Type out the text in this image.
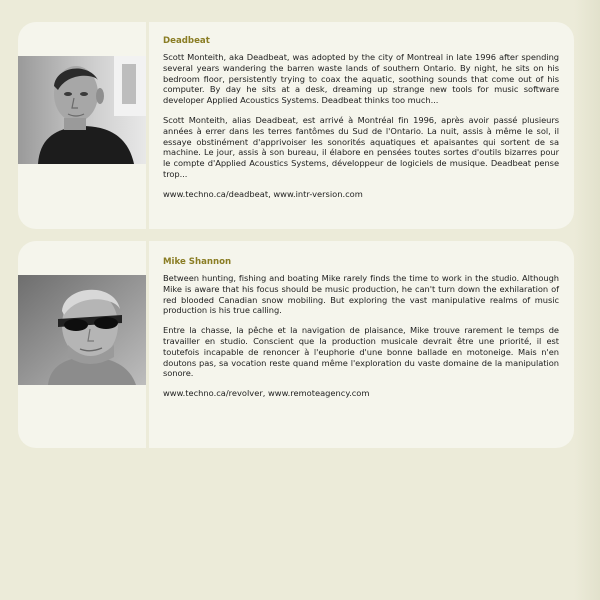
Deadbeat

Scott Monteith, aka Deadbeat, was adopted by the city of Montreal in late 1996 after spending several years wandering the barren waste lands of southern Ontario. By night, he sits on his bedroom floor, persistently trying to coax the aquatic, soothing sounds that come out of his computer. By day he sits at a desk, dreaming up strange new tools for music software developer Applied Acoustics Systems. Deadbeat thinks too much...

Scott Monteith, alias Deadbeat, est arrivé à Montréal fin 1996, après avoir passé plusieurs années à errer dans les terres fantômes du Sud de l'Ontario. La nuit, assis à même le sol, il essaye obstinément d'apprivoiser les sonorités aquatiques et apaisantes qui sortent de sa machine. Le jour, assis à son bureau, il élabore en pensées toutes sortes d'outils bizarres pour le compte d'Applied Acoustics Systems, développeur de logiciels de musique. Deadbeat pense trop...

www.techno.ca/deadbeat, www.intr-version.com

Mike Shannon

Between hunting, fishing and boating Mike rarely finds the time to work in the studio. Although Mike is aware that his focus should be music production, he can't turn down the exhilaration of red blooded Canadian snow mobiling. But exploring the vast manipulative realms of music production is his true calling.

Entre la chasse, la pêche et la navigation de plaisance, Mike trouve rarement le temps de travailler en studio. Conscient que la production musicale devrait être une priorité, il est toutefois incapable de renoncer à l'euphorie d'une bonne ballade en motoneige. Mais n'en doutons pas, sa vocation reste quand même l'exploration du vaste domaine de la manipulation sonore.

www.techno.ca/revolver, www.remoteagency.com
